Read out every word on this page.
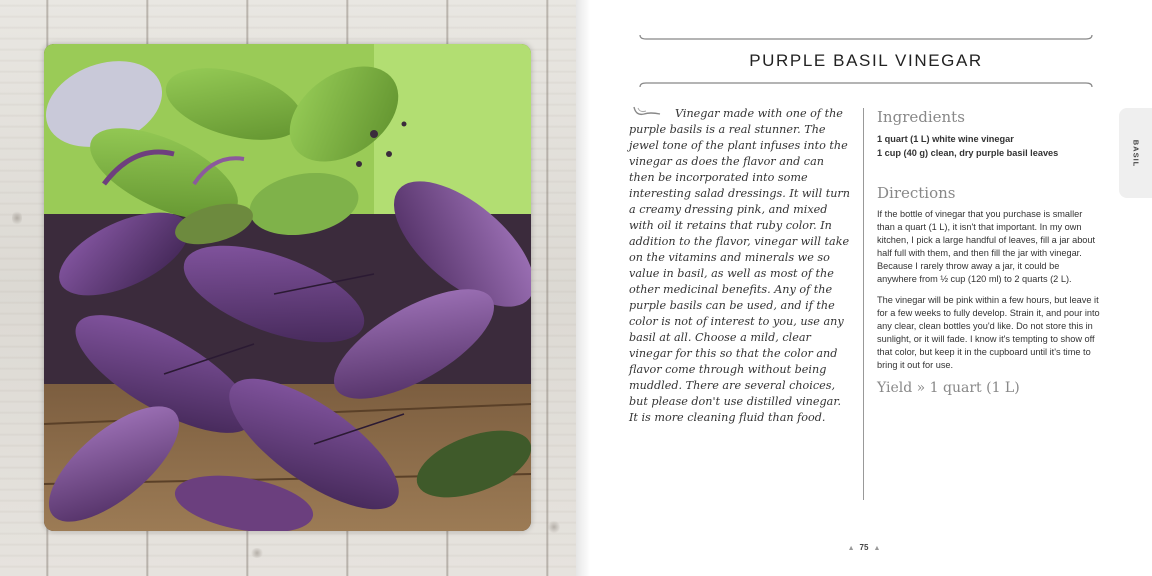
PURPLE BASIL VINEGAR

Vinegar made with one of the purple basils is a real stunner. The jewel tone of the plant infuses into the vinegar as does the flavor and can then be incorporated into some interesting salad dressings. It will turn a creamy dressing pink, and mixed with oil it retains that ruby color. In addition to the flavor, vinegar will take on the vitamins and minerals we so value in basil, as well as most of the other medicinal benefits. Any of the purple basils can be used, and if the color is not of interest to you, use any basil at all. Choose a mild, clear vinegar for this so that the color and flavor come through without being muddled. There are several choices, but please don't use distilled vinegar. It is more cleaning fluid than food.

Ingredients
1 quart (1 L) white wine vinegar
1 cup (40 g) clean, dry purple basil leaves
Directions

If the bottle of vinegar that you purchase is smaller than a quart (1 L), it isn't that important. In my own kitchen, I pick a large handful of leaves, fill a jar about half full with them, and then fill the jar with vinegar. Because I rarely throw away a jar, it could be anywhere from ½ cup (120 ml) to 2 quarts (2 L).

The vinegar will be pink within a few hours, but leave it for a few weeks to fully develop. Strain it, and pour into any clear, clean bottles you'd like. Do not store this in sunlight, or it will fade. I know it's tempting to show off that color, but keep it in the cupboard until it's time to bring it out for use.

Yield » 1 quart (1 L)
BASIL
▲ 75 ▲
